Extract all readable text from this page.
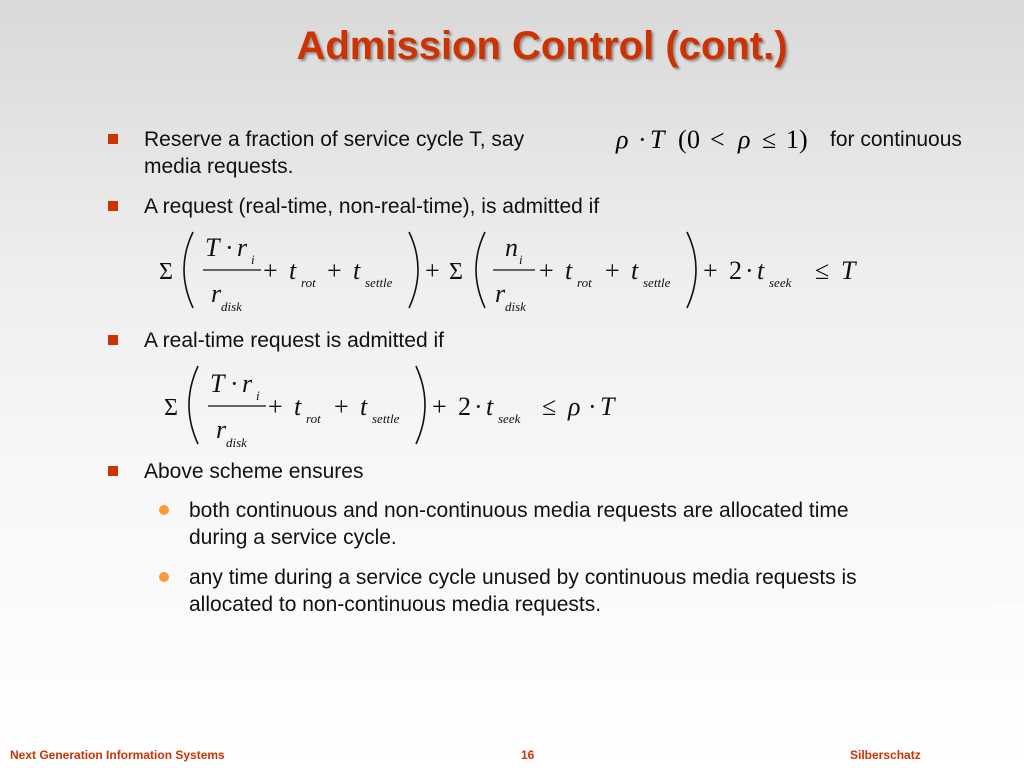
Admission Control (cont.)
Reserve a fraction of service cycle T, say	ρ · T ( 0 < ρ ≤ 1 ) for continuous
media requests.
A request (real-time, non-real-time), is admitted if
Σ
T · r i
r disk
+ t rot + t settle + Σ
n i
r disk
+ t rot + t settle + 2 · t seek ≤ T
A real-time request is admitted if
Σ
T · r i
r disk
+ t rot + t settle + 2 · t seek ≤ ρ · T
Above scheme ensures
both continuous and non-continuous media requests are allocated time
during a service cycle.
any time during a service cycle unused by continuous media requests is
allocated to non-continuous media requests.
Next Generation Information Systems	16	Silberschatz
